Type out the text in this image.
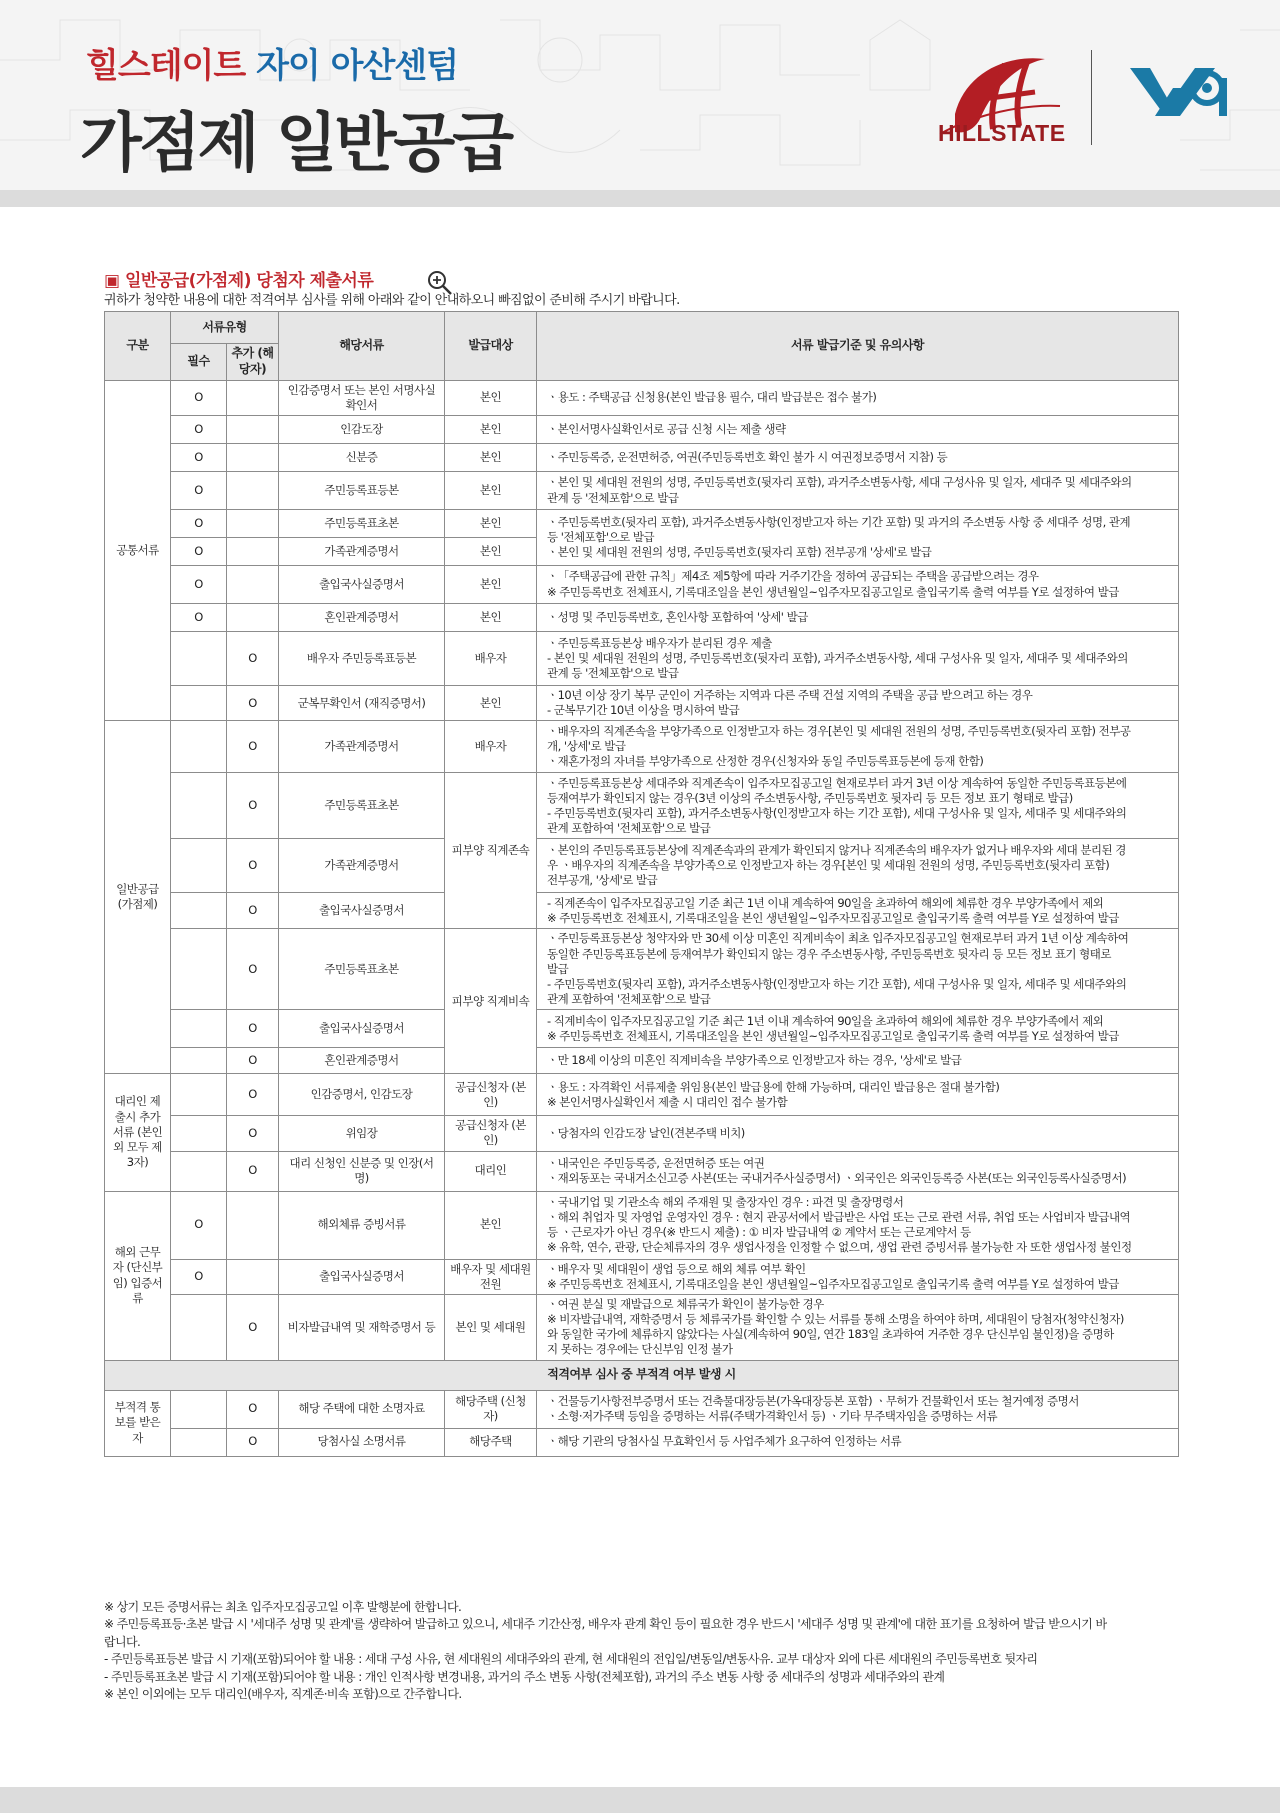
힐스테이트 자이 아산센텀
가점제 일반공급	HILLSTATE
▣ 일반공급(가점제) 당첨자 제출서류
귀하가 청약한 내용에 대한 적격여부 심사를 위해 아래와 같이 안내하오니 빠짐없이 준비해 주시기 바랍니다.
구분	서류유형		해당서류	발급대상	서류 발급기준 및 유의사항
	필수	추가 (해당자)			
공통서류	O		인감증명서 또는 본인 서명사실확인서	본인	ㆍ용도 : 주택공급 신청용(본인 발급용 필수, 대리 발급분은 접수 불가)

	O		인감도장	본인	ㆍ본인서명사실확인서로 공급 신청 시는 제출 생략

	O		신분증	본인	ㆍ주민등록증, 운전면허증, 여권(주민등록번호 확인 불가 시 여권정보증명서 지참) 등

	O		주민등록표등본	본인	ㆍ본인 및 세대원 전원의 성명, 주민등록번호(뒷자리 포함), 과거주소변동사항, 세대 구성사유 및 일자, 세대주 및 세대주와의
관계 등 '전체포함'으로 발급

	O		주민등록표초본	본인	ㆍ주민등록번호(뒷자리 포함), 과거주소변동사항(인정받고자 하는 기간 포함) 및 과거의 주소변동 사항 중 세대주 성명, 관계
등 '전체포함'으로 발급
ㆍ본인 및 세대원 전원의 성명, 주민등록번호(뒷자리 포함) 전부공개 '상세'로 발급

	O		가족관계증명서	본인	
	O		출입국사실증명서	본인	ㆍ「주택공급에 관한 규칙」제4조 제5항에 따라 거주기간을 정하여 공급되는 주택을 공급받으려는 경우
※ 주민등록번호 전체표시, 기록대조일을 본인 생년월일~입주자모집공고일로 출입국기록 출력 여부를 Y로 설정하여 발급

	O		혼인관계증명서	본인	ㆍ성명 및 주민등록번호, 혼인사항 포함하여 '상세' 발급

		O	배우자 주민등록표등본	배우자	ㆍ주민등록표등본상 배우자가 분리된 경우 제출
- 본인 및 세대원 전원의 성명, 주민등록번호(뒷자리 포함), 과거주소변동사항, 세대 구성사유 및 일자, 세대주 및 세대주와의
관계 등 '전체포함'으로 발급

		O	군복무확인서 (재직증명서)	본인	ㆍ10년 이상 장기 복무 군인이 거주하는 지역과 다른 주택 건설 지역의 주택을 공급 받으려고 하는 경우
- 군복무기간 10년 이상을 명시하여 발급

일반공급 (가점제)		O	가족관계증명서	배우자	ㆍ배우자의 직계존속을 부양가족으로 인정받고자 하는 경우[본인 및 세대원 전원의 성명, 주민등록번호(뒷자리 포함) 전부공
개, '상세'로 발급
ㆍ재혼가정의 자녀를 부양가족으로 산정한 경우(신청자와 동일 주민등록표등본에 등재 한함)

		O	주민등록표초본	피부양 직계존속	ㆍ주민등록표등본상 세대주와 직계존속이 입주자모집공고일 현재로부터 과거 3년 이상 계속하여 동일한 주민등록표등본에
등재여부가 확인되지 않는 경우(3년 이상의 주소변동사항, 주민등록번호 뒷자리 등 모든 정보 표기 형태로 발급)
- 주민등록번호(뒷자리 포함), 과거주소변동사항(인정받고자 하는 기간 포함), 세대 구성사유 및 일자, 세대주 및 세대주와의
관계 포함하여 '전체포함'으로 발급

		O	가족관계증명서		ㆍ본인의 주민등록표등본상에 직계존속과의 관계가 확인되지 않거나 직계존속의 배우자가 없거나 배우자와 세대 분리된 경
우 ㆍ배우자의 직계존속을 부양가족으로 인정받고자 하는 경우[본인 및 세대원 전원의 성명, 주민등록번호(뒷자리 포함)
전부공개, '상세'로 발급

		O	출입국사실증명서		- 직계존속이 입주자모집공고일 기준 최근 1년 이내 계속하여 90일을 초과하여 해외에 체류한 경우 부양가족에서 제외
※ 주민등록번호 전체표시, 기록대조일을 본인 생년월일~입주자모집공고일로 출입국기록 출력 여부를 Y로 설정하여 발급

		O	주민등록표초본	피부양 직계비속	ㆍ주민등록표등본상 청약자와 만 30세 이상 미혼인 직계비속이 최초 입주자모집공고일 현재로부터 과거 1년 이상 계속하여
동일한 주민등록표등본에 등재여부가 확인되지 않는 경우 주소변동사항, 주민등록번호 뒷자리 등 모든 정보 표기 형태로
발급
- 주민등록번호(뒷자리 포함), 과거주소변동사항(인정받고자 하는 기간 포함), 세대 구성사유 및 일자, 세대주 및 세대주와의
관계 포함하여 '전체포함'으로 발급

		O	출입국사실증명서		- 직계비속이 입주자모집공고일 기준 최근 1년 이내 계속하여 90일을 초과하여 해외에 체류한 경우 부양가족에서 제외
※ 주민등록번호 전체표시, 기록대조일을 본인 생년월일~입주자모집공고일로 출입국기록 출력 여부를 Y로 설정하여 발급

		O	혼인관계증명서		ㆍ만 18세 이상의 미혼인 직계비속을 부양가족으로 인정받고자 하는 경우, '상세'로 발급

대리인 제출시 추가서류 (본인 외 모두 제3자)		O	인감증명서, 인감도장	공급신청자 (본인)	ㆍ용도 : 자격확인 서류제출 위임용(본인 발급용에 한해 가능하며, 대리인 발급용은 절대 불가함)
※ 본인서명사실확인서 제출 시 대리인 접수 불가함

		O	위임장	공급신청자 (본인)	ㆍ당첨자의 인감도장 날인(견본주택 비치)

		O	대리 신청인 신분증 및 인장(서명)	대리인	ㆍ내국인은 주민등록증, 운전면허증 또는 여권
ㆍ재외동포는 국내거소신고증 사본(또는 국내거주사실증명서) ㆍ외국인은 외국인등록증 사본(또는 외국인등록사실증명서)

해외 근무자 (단신부임) 입증서류	O		해외체류 증빙서류	본인	ㆍ국내기업 및 기관소속 해외 주재원 및 출장자인 경우 : 파견 및 출장명령서
ㆍ해외 취업자 및 자영업 운영자인 경우 : 현지 관공서에서 발급받은 사업 또는 근로 관련 서류, 취업 또는 사업비자 발급내역
등 ㆍ근로자가 아닌 경우(※ 반드시 제출) : ① 비자 발급내역 ② 계약서 또는 근로계약서 등
※ 유학, 연수, 관광, 단순체류자의 경우 생업사정을 인정할 수 없으며, 생업 관련 증빙서류 불가능한 자 또한 생업사정 불인정

	O		출입국사실증명서	배우자 및 세대원 전원	ㆍ배우자 및 세대원이 생업 등으로 해외 체류 여부 확인
※ 주민등록번호 전체표시, 기록대조일을 본인 생년월일~입주자모집공고일로 출입국기록 출력 여부를 Y로 설정하여 발급

		O	비자발급내역 및 재학증명서 등	본인 및 세대원	ㆍ여권 분실 및 재발급으로 체류국가 확인이 불가능한 경우
※ 비자발급내역, 재학증명서 등 체류국가를 확인할 수 있는 서류를 통해 소명을 하여야 하며, 세대원이 당첨자(청약신청자)
와 동일한 국가에 체류하지 않았다는 사실(계속하여 90일, 연간 183일 초과하여 거주한 경우 단신부임 불인정)을 증명하
지 못하는 경우에는 단신부임 인정 불가

적격여부 심사 중 부적격 여부 발생 시					
부적격 통보를 받은자		O	해당 주택에 대한 소명자료	해당주택 (신청자)	ㆍ건물등기사항전부증명서 또는 건축물대장등본(가옥대장등본 포함) ㆍ무허가 건물확인서 또는 철거예정 증명서
ㆍ소형·저가주택 등임을 증명하는 서류(주택가격확인서 등) ㆍ기타 무주택자임을 증명하는 서류

		O	당첨사실 소명서류	해당주택	ㆍ해당 기관의 당첨사실 무효확인서 등 사업주체가 요구하여 인정하는 서류
※ 상기 모든 증명서류는 최초 입주자모집공고일 이후 발행분에 한합니다.
※ 주민등록표등·초본 발급 시 '세대주 성명 및 관계'를 생략하여 발급하고 있으니, 세대주 기간산정, 배우자 관계 확인 등이 필요한 경우 반드시 '세대주 성명 및 관계'에 대한 표기를 요청하여 발급 받으시기 바
랍니다.
- 주민등록표등본 발급 시 기재(포함)되어야 할 내용 : 세대 구성 사유, 현 세대원의 세대주와의 관계, 현 세대원의 전입일/변동일/변동사유. 교부 대상자 외에 다른 세대원의 주민등록번호 뒷자리
- 주민등록표초본 발급 시 기재(포함)되어야 할 내용 : 개인 인적사항 변경내용, 과거의 주소 변동 사항(전체포함), 과거의 주소 변동 사항 중 세대주의 성명과 세대주와의 관계
※ 본인 이외에는 모두 대리인(배우자, 직계존·비속 포함)으로 간주합니다.
